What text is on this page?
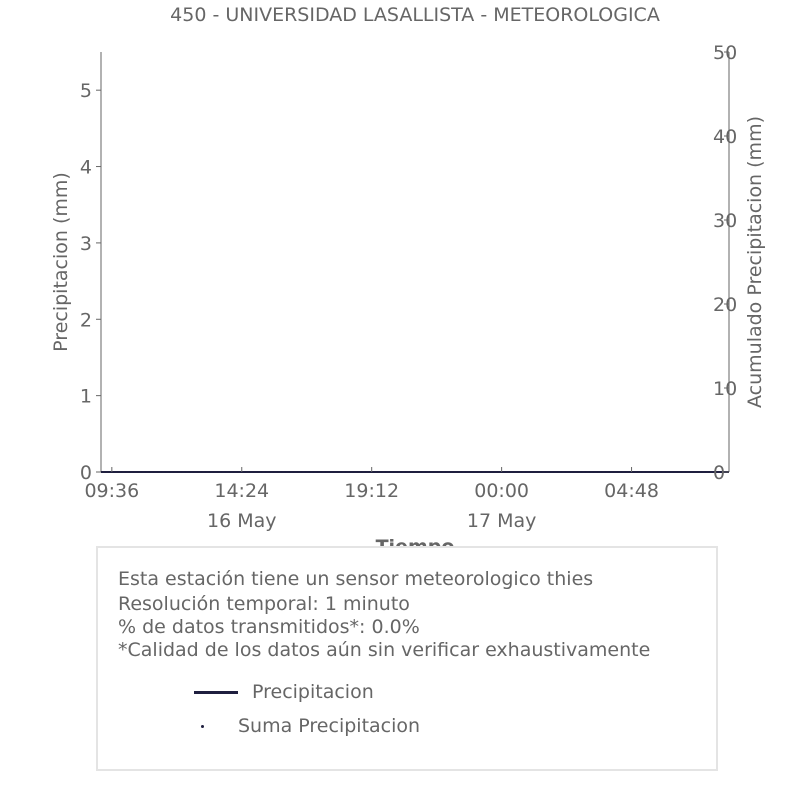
450 - UNIVERSIDAD LASALLISTA - METEOROLOGICA
0
1
2
3
4
5
0
10
20
30
40
50
09:36	14:24	19:12	00:00	04:48
16 May	17 May
Precipitacion (mm)	Acumulado Precipitacion (mm)
Esta estación tiene un sensor meteorologico thies
Resolución temporal: 1 minuto
% de datos transmitidos*: 0.0%
*Calidad de los datos aún sin verificar exhaustivamente
Precipitacion
Suma Precipitacion
